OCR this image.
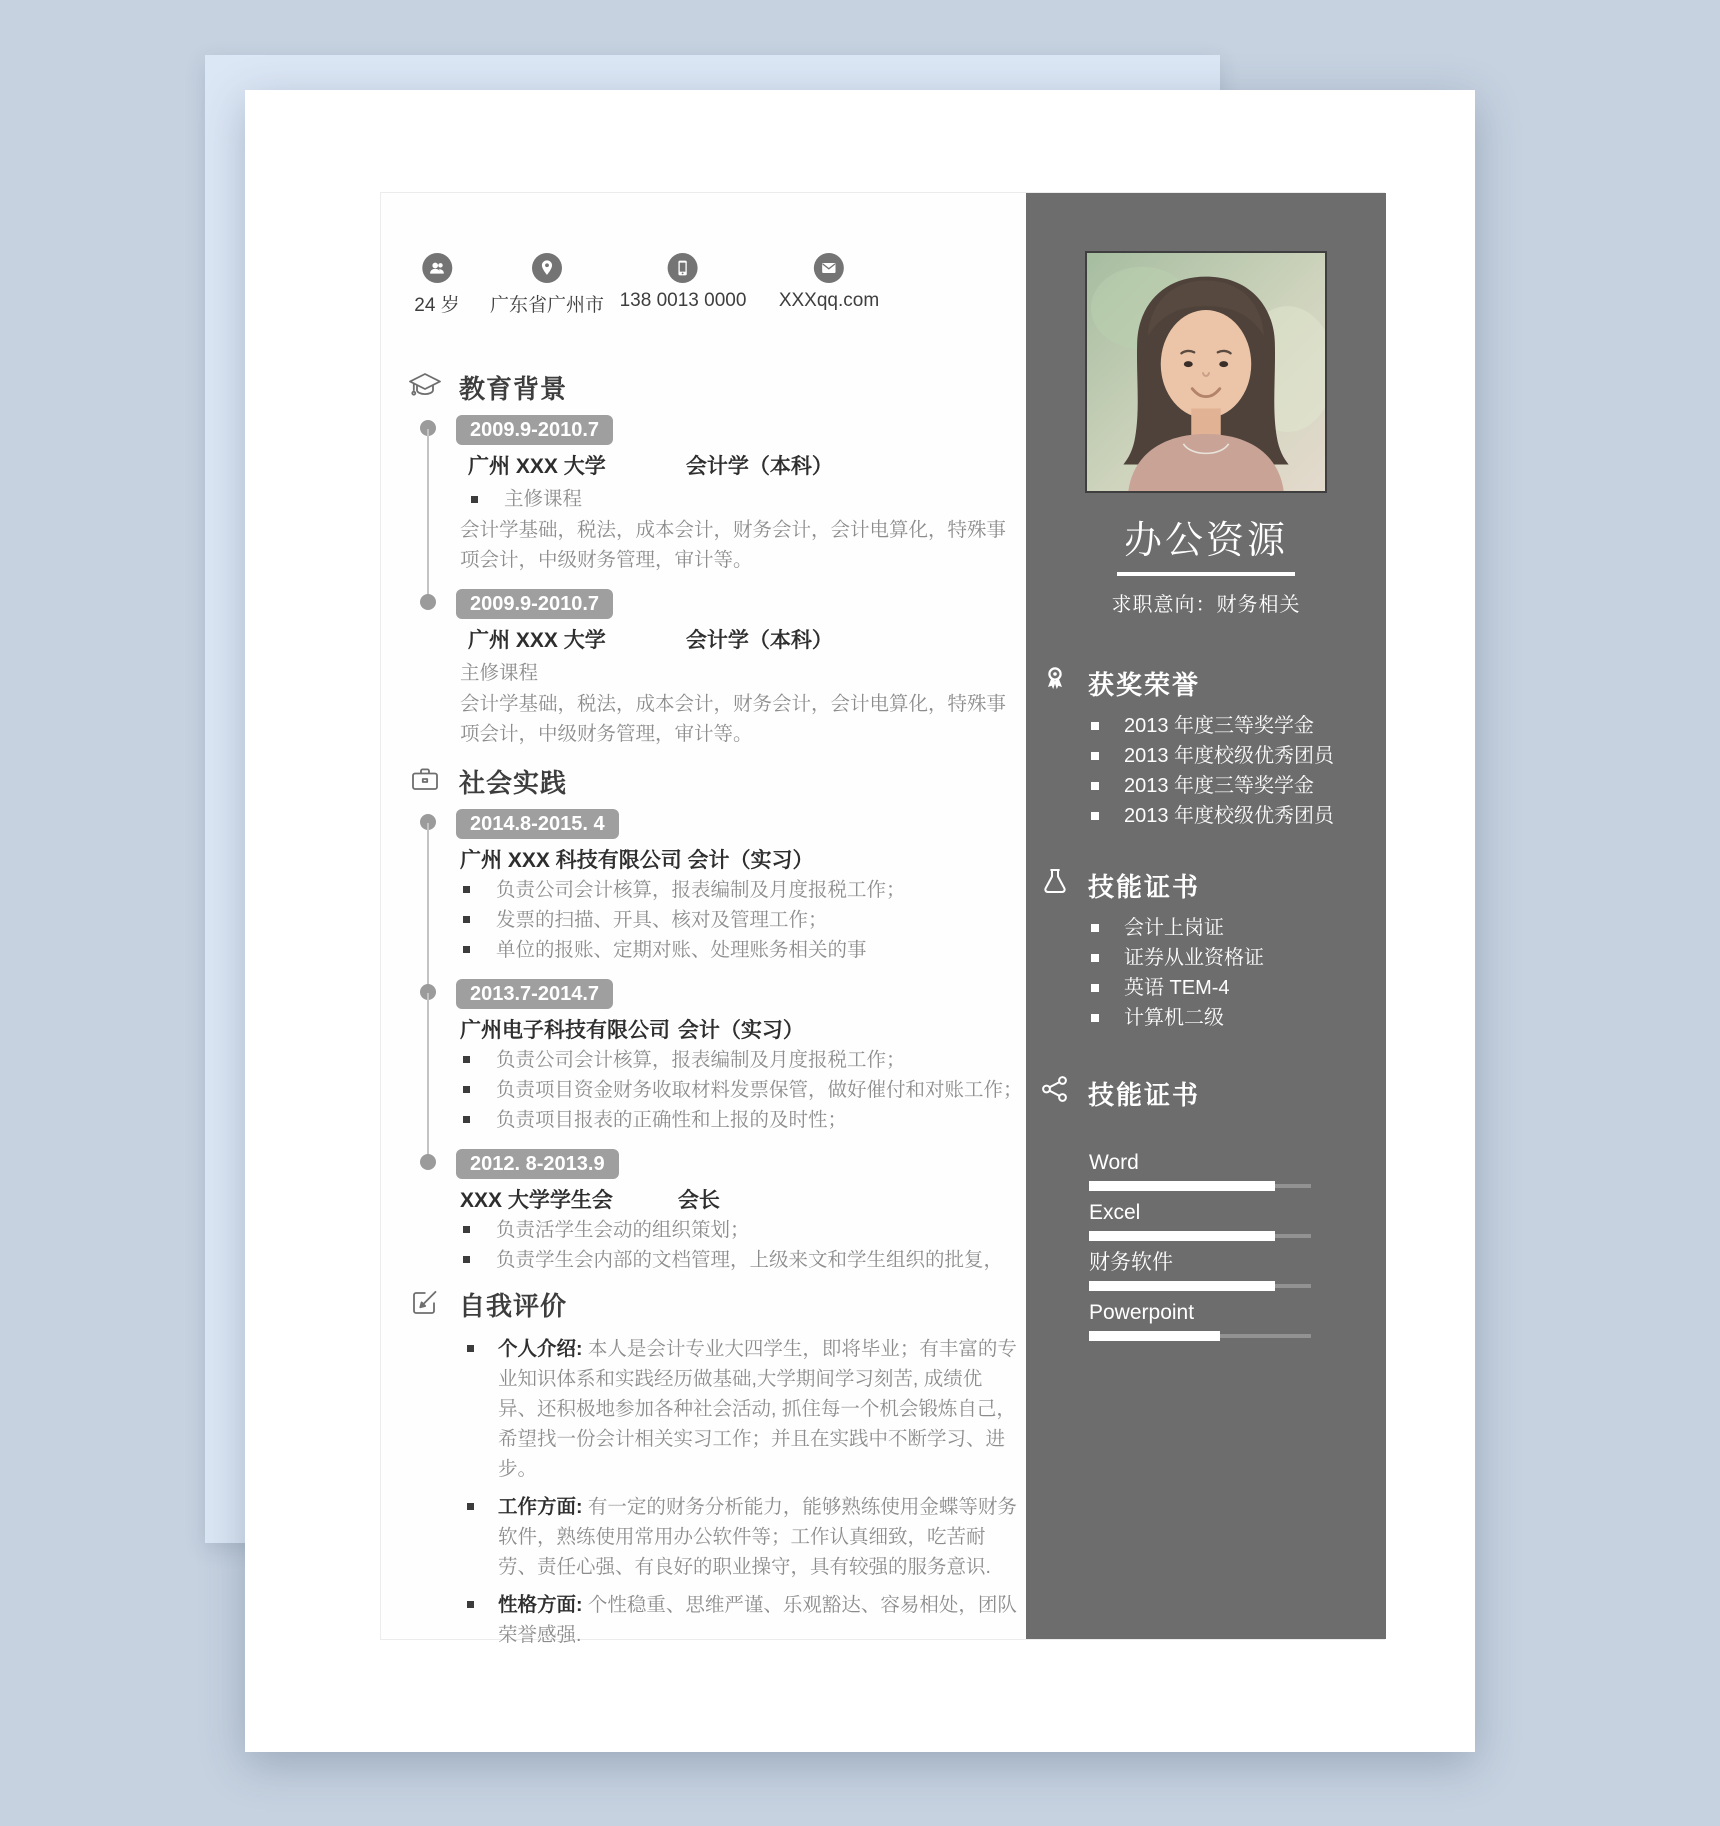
24 岁 广东省广州市 138 0013 0000 XXXqq.com
教育背景
2009.9-2010.7
广州 XXX 大学	会计学（本科）
主修课程
会计学基础，税法，成本会计，财务会计，会计电算化，特殊事项会计，中级财务管理，审计等。
2009.9-2010.7
广州 XXX 大学	会计学（本科）
主修课程
会计学基础，税法，成本会计，财务会计，会计电算化，特殊事项会计，中级财务管理，审计等。
社会实践
2014.8-2015. 4
广州 XXX 科技有限公司 会计（实习）
负责公司会计核算，报表编制及月度报税工作；
发票的扫描、开具、核对及管理工作；
单位的报账、定期对账、处理账务相关的事
2013.7-2014.7
广州电子科技有限公司 会计（实习）
负责公司会计核算，报表编制及月度报税工作；
负责项目资金财务收取材料发票保管，做好催付和对账工作；
负责项目报表的正确性和上报的及时性；
2012. 8-2013.9
XXX 大学学生会	会长
负责活学生会动的组织策划；
负责学生会内部的文档管理，上级来文和学生组织的批复，
自我评价
个人介绍: 本人是会计专业大四学生，即将毕业；有丰富的专业知识体系和实践经历做基础,大学期间学习刻苦, 成绩优异、还积极地参加各种社会活动, 抓住每一个机会锻炼自己，希望找一份会计相关实习工作；并且在实践中不断学习、进步。
工作方面: 有一定的财务分析能力，能够熟练使用金蝶等财务软件，熟练使用常用办公软件等；工作认真细致，吃苦耐劳、责任心强、有良好的职业操守，具有较强的服务意识.
性格方面: 个性稳重、思维严谨、乐观豁达、容易相处，团队荣誉感强.
办公资源
求职意向：财务相关
获奖荣誉
2013 年度三等奖学金
2013 年度校级优秀团员
2013 年度三等奖学金
2013 年度校级优秀团员
技能证书
会计上岗证
证券从业资格证
英语 TEM-4
计算机二级
技能证书
Word
Excel
财务软件
Powerpoint
